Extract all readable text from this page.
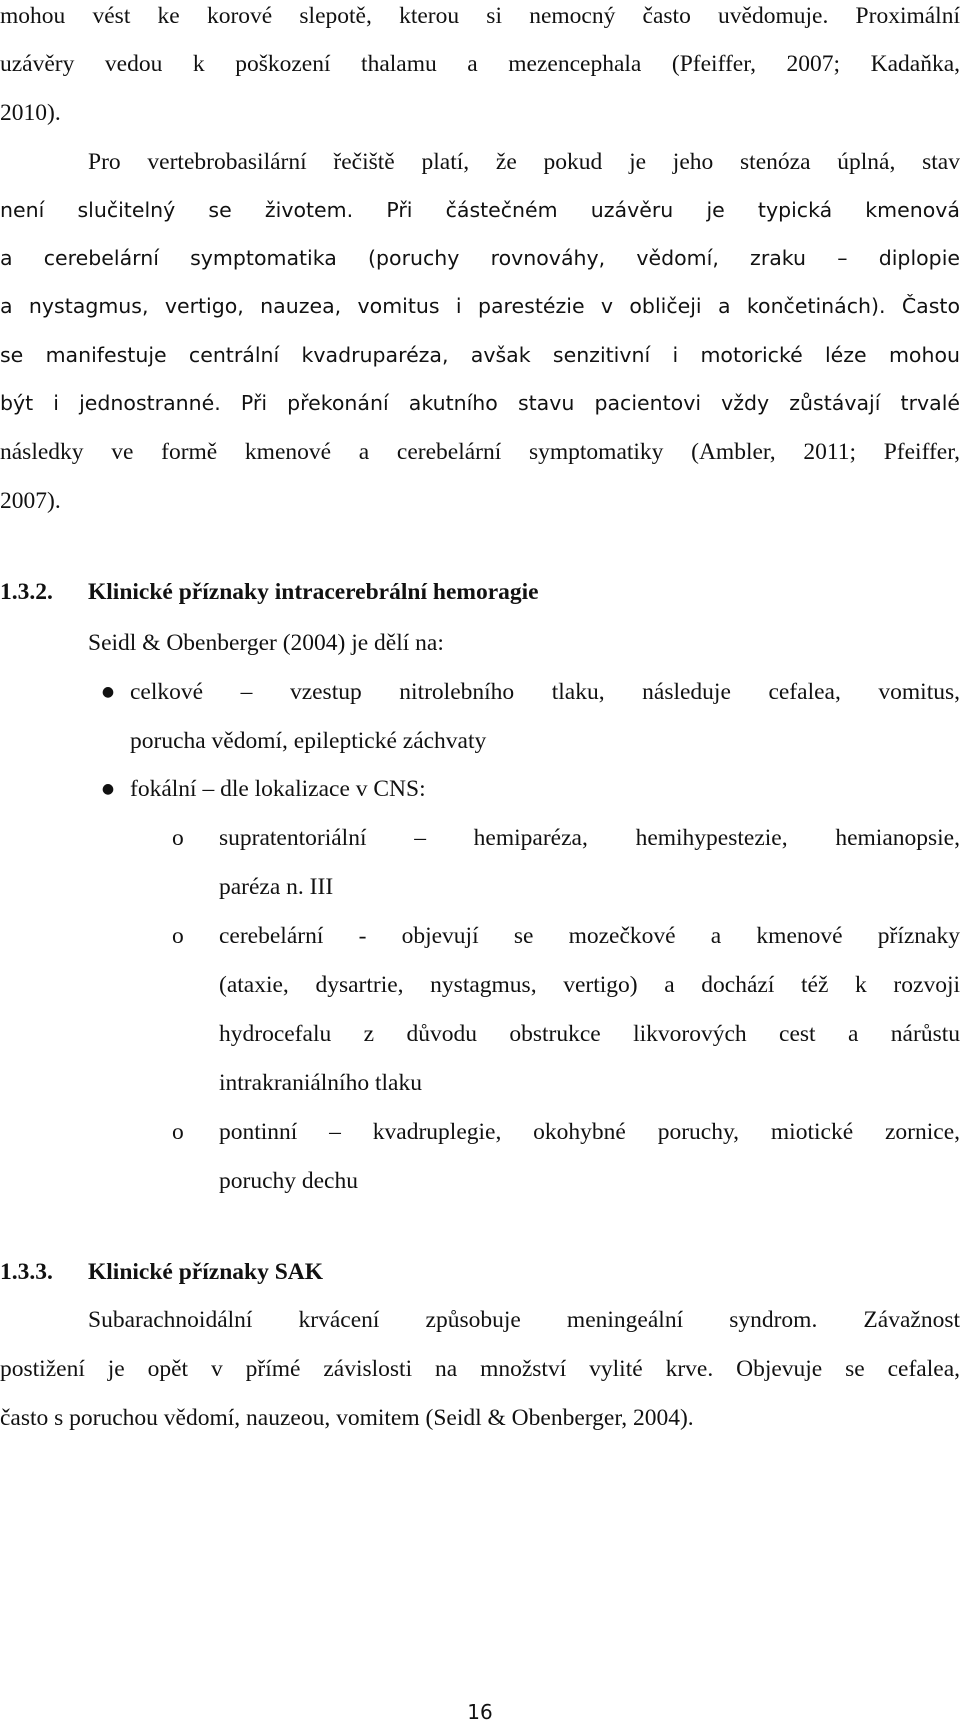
mohou vést ke korové slepotě, kterou si nemocný často uvědomuje. Proximální
uzávěry vedou k poškození thalamu a mezencephala (Pfeiffer, 2007; Kadaňka,
2010).
Pro vertebrobasilární řečiště platí, že pokud je jeho stenóza úplná, stav
není slučitelný se životem. Při částečném uzávěru je typická kmenová
a cerebelární symptomatika (poruchy rovnováhy, vědomí, zraku – diplopie
a nystagmus, vertigo, nauzea, vomitus i parestézie v obličeji a končetinách). Často
se manifestuje centrální kvadruparéza, avšak senzitivní i motorické léze mohou
být i jednostranné. Při překonání akutního stavu pacientovi vždy zůstávají trvalé
následky ve formě kmenové a cerebelární symptomatiky (Ambler, 2011; Pfeiffer,
2007).
1.3.2.	Klinické příznaky intracerebrální hemoragie
Seidl & Obenberger (2004) je dělí na:
● celkové – vzestup nitrolebního tlaku, následuje cefalea, vomitus,
porucha vědomí, epileptické záchvaty
● fokální – dle lokalizace v CNS:
o	supratentoriální – hemiparéza, hemihypestezie, hemianopsie,
paréza n. III
o	cerebelární - objevují se mozečkové a kmenové příznaky
(ataxie, dysartrie, nystagmus, vertigo) a dochází též k rozvoji
hydrocefalu z důvodu obstrukce likvorových cest a nárůstu
intrakraniálního tlaku
o	pontinní – kvadruplegie, okohybné poruchy, miotické zornice,
poruchy dechu
1.3.3.	Klinické příznaky SAK
Subarachnoidální krvácení způsobuje meningeální syndrom. Závažnost
postižení je opět v přímé závislosti na množství vylité krve. Objevuje se cefalea,
často s poruchou vědomí, nauzeou, vomitem (Seidl & Obenberger, 2004).
16
